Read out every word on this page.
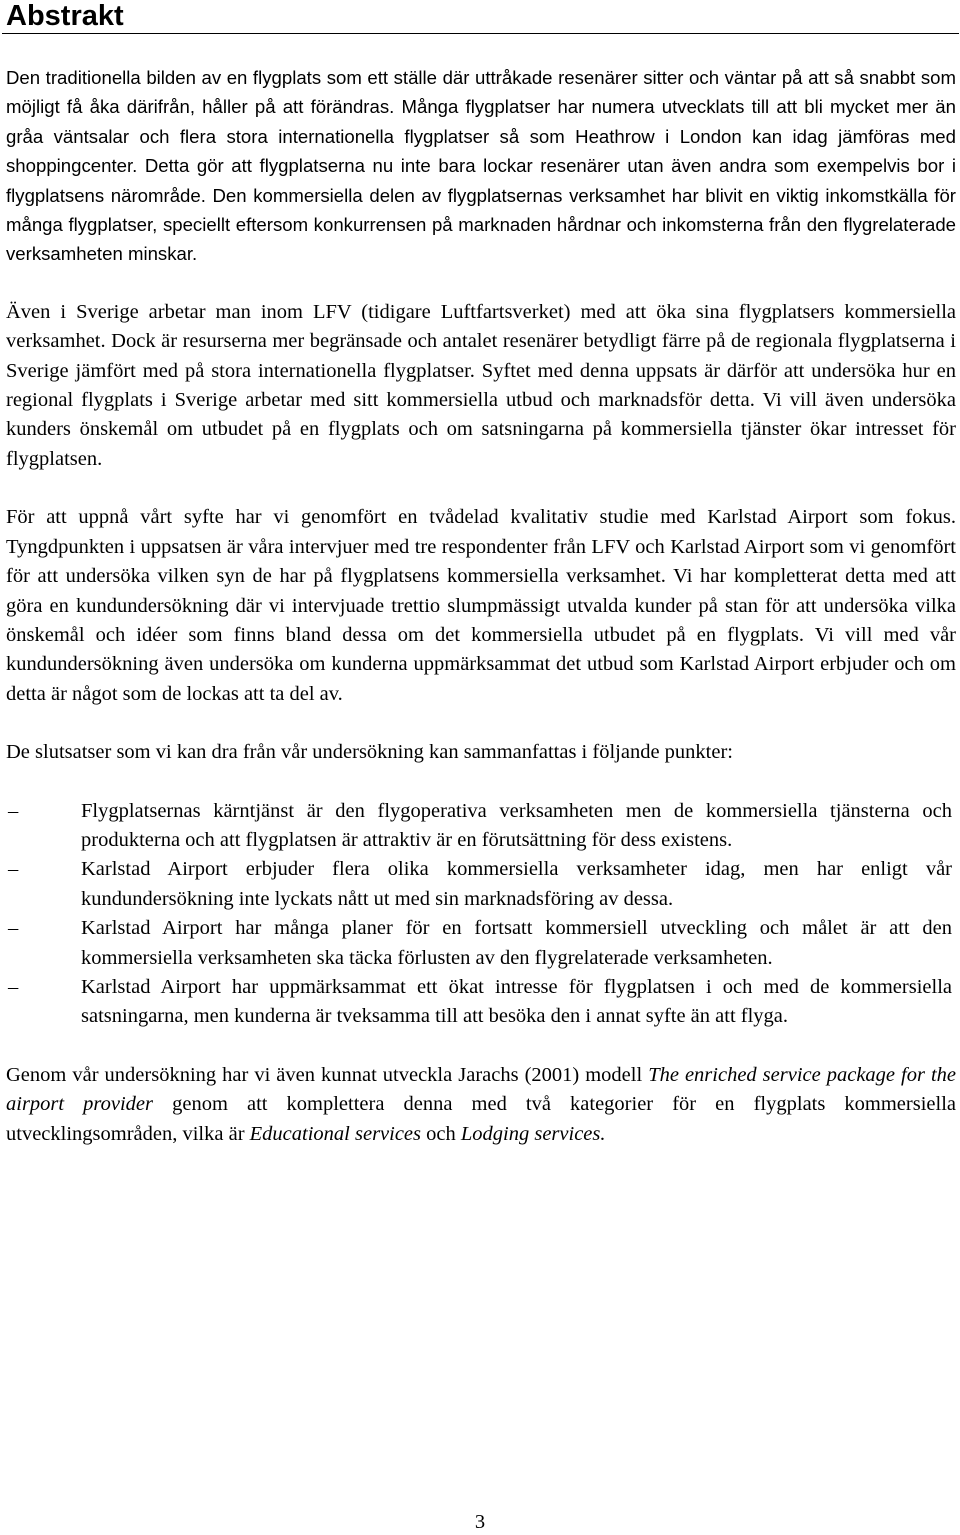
Abstrakt

Den traditionella bilden av en flygplats som ett ställe där uttråkade resenärer sitter och väntar på att så snabbt som möjligt få åka därifrån, håller på att förändras. Många flygplatser har numera utvecklats till att bli mycket mer än gråa väntsalar och flera stora internationella flygplatser så som Heathrow i London kan idag jämföras med shoppingcenter. Detta gör att flygplatserna nu inte bara lockar resenärer utan även andra som exempelvis bor i flygplatsens närområde. Den kommersiella delen av flygplatsernas verksamhet har blivit en viktig inkomstkälla för många flygplatser, speciellt eftersom konkurrensen på marknaden hårdnar och inkomsterna från den flygrelaterade verksamheten minskar.

Även i Sverige arbetar man inom LFV (tidigare Luftfartsverket) med att öka sina flygplatsers kommersiella verksamhet. Dock är resurserna mer begränsade och antalet resenärer betydligt färre på de regionala flygplatserna i Sverige jämfört med på stora internationella flygplatser. Syftet med denna uppsats är därför att undersöka hur en regional flygplats i Sverige arbetar med sitt kommersiella utbud och marknadsför detta. Vi vill även undersöka kunders önskemål om utbudet på en flygplats och om satsningarna på kommersiella tjänster ökar intresset för flygplatsen.

För att uppnå vårt syfte har vi genomfört en tvådelad kvalitativ studie med Karlstad Airport som fokus. Tyngdpunkten i uppsatsen är våra intervjuer med tre respondenter från LFV och Karlstad Airport som vi genomfört för att undersöka vilken syn de har på flygplatsens kommersiella verksamhet. Vi har kompletterat detta med att göra en kundundersökning där vi intervjuade trettio slumpmässigt utvalda kunder på stan för att undersöka vilka önskemål och idéer som finns bland dessa om det kommersiella utbudet på en flygplats. Vi vill med vår kundundersökning även undersöka om kunderna uppmärksammat det utbud som Karlstad Airport erbjuder och om detta är något som de lockas att ta del av.

De slutsatser som vi kan dra från vår undersökning kan sammanfattas i följande punkter:

–	Flygplatsernas kärntjänst är den flygoperativa verksamheten men de kommersiella tjänsterna och produkterna och att flygplatsen är attraktiv är en förutsättning för dess existens.
–	Karlstad Airport erbjuder flera olika kommersiella verksamheter idag, men har enligt vår kundundersökning inte lyckats nått ut med sin marknadsföring av dessa.
–	Karlstad Airport har många planer för en fortsatt kommersiell utveckling och målet är att den kommersiella verksamheten ska täcka förlusten av den flygrelaterade verksamheten.
–	Karlstad Airport har uppmärksammat ett ökat intresse för flygplatsen i och med de kommersiella satsningarna, men kunderna är tveksamma till att besöka den i annat syfte än att flyga.

Genom vår undersökning har vi även kunnat utveckla Jarachs (2001) modell The enriched service package for the airport provider genom att komplettera denna med två kategorier för en flygplats kommersiella utvecklingsområden, vilka är Educational services och Lodging services.

3
